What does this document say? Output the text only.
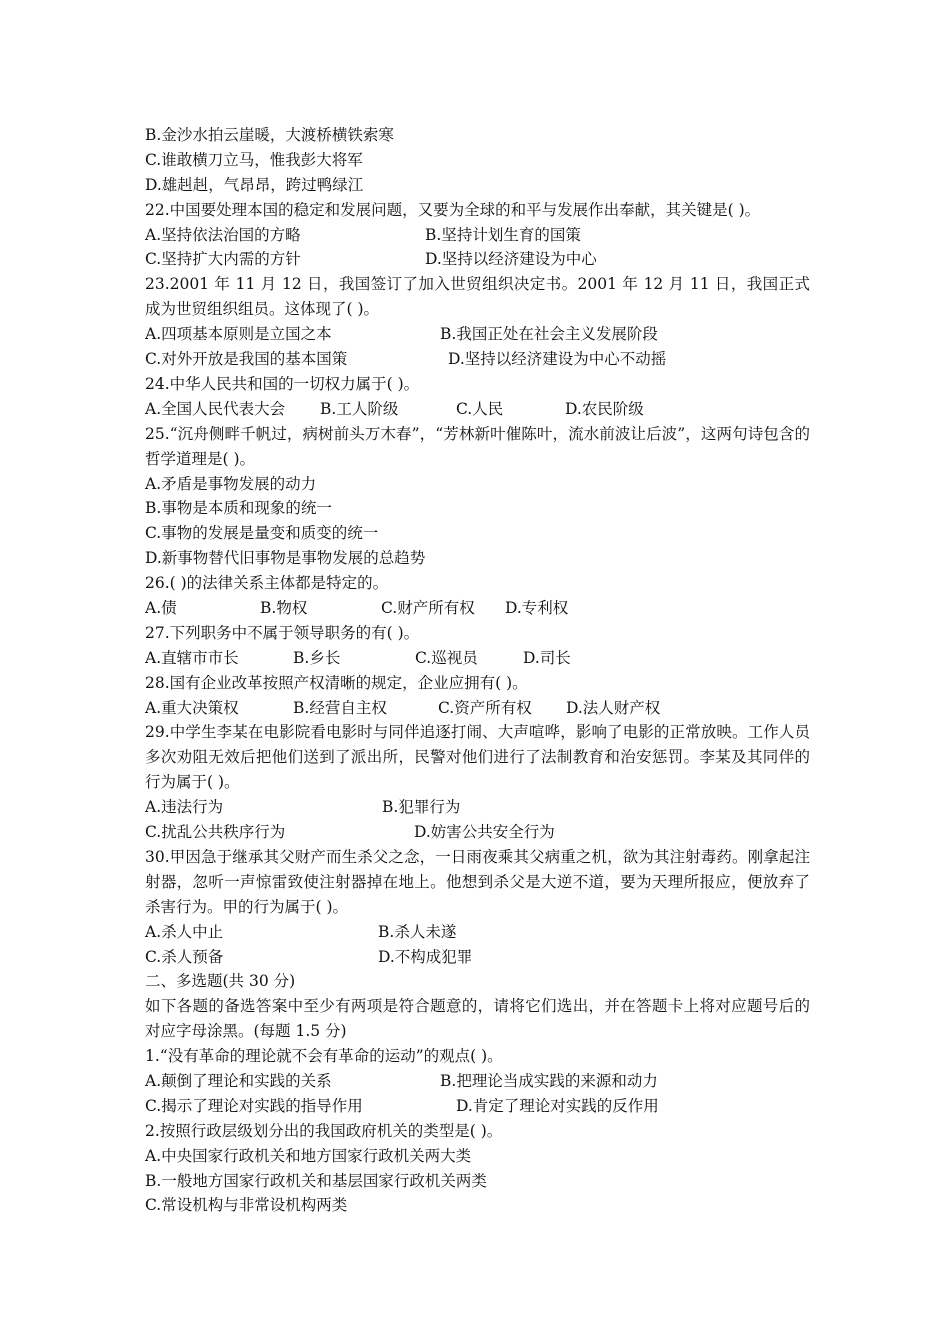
B.金沙水拍云崖暖，大渡桥横铁索寒
C.谁敢横刀立马，惟我彭大将军
D.雄赳赳，气昂昂，跨过鸭绿江
22.中国要处理本国的稳定和发展问题，又要为全球的和平与发展作出奉献，其关键是( )。
A.坚持依法治国的方略	B.坚持计划生育的国策
C.坚持扩大内需的方针	D.坚持以经济建设为中心
23.2001 年 11 月 12 日，我国签订了加入世贸组织决定书。2001 年 12 月 11 日，我国正式成为世贸组织组员。这体现了( )。
A.四项基本原则是立国之本	B.我国正处在社会主义发展阶段
C.对外开放是我国的基本国策	D.坚持以经济建设为中心不动摇
24.中华人民共和国的一切权力属于( )。
A.全国人民代表大会 B.工人阶级	C.人民	D.农民阶级
25.“沉舟侧畔千帆过，病树前头万木春”，“芳林新叶催陈叶，流水前波让后波”，这两句诗包含的哲学道理是( )。
A.矛盾是事物发展的动力
B.事物是本质和现象的统一
C.事物的发展是量变和质变的统一
D.新事物替代旧事物是事物发展的总趋势
26.( )的法律关系主体都是特定的。
A.债	B.物权	C.财产所有权 D.专利权
27.下列职务中不属于领导职务的有( )。
A.直辖市市长	B.乡长	C.巡视员	D.司长
28.国有企业改革按照产权清晰的规定，企业应拥有( )。
A.重大决策权	B.经营自主权	C.资产所有权 D.法人财产权
29.中学生李某在电影院看电影时与同伴追逐打闹、大声喧哗，影响了电影的正常放映。工作人员多次劝阻无效后把他们送到了派出所，民警对他们进行了法制教育和治安惩罚。李某及其同伴的行为属于( )。
A.违法行为	B.犯罪行为
C.扰乱公共秩序行为	D.妨害公共安全行为
30.甲因急于继承其父财产而生杀父之念，一日雨夜乘其父病重之机，欲为其注射毒药。刚拿起注射器，忽听一声惊雷致使注射器掉在地上。他想到杀父是大逆不道，要为天理所报应，便放弃了杀害行为。甲的行为属于( )。
A.杀人中止	B.杀人未遂
C.杀人预备	D.不构成犯罪
二、多选题(共 30 分)
如下各题的备选答案中至少有两项是符合题意的，请将它们选出，并在答题卡上将对应题号后的对应字母涂黑。(每题 1.5 分)
1.“没有革命的理论就不会有革命的运动”的观点( )。
A.颠倒了理论和实践的关系	B.把理论当成实践的来源和动力
C.揭示了理论对实践的指导作用	D.肯定了理论对实践的反作用
2.按照行政层级划分出的我国政府机关的类型是( )。
A.中央国家行政机关和地方国家行政机关两大类
B.一般地方国家行政机关和基层国家行政机关两类
C.常设机构与非常设机构两类
